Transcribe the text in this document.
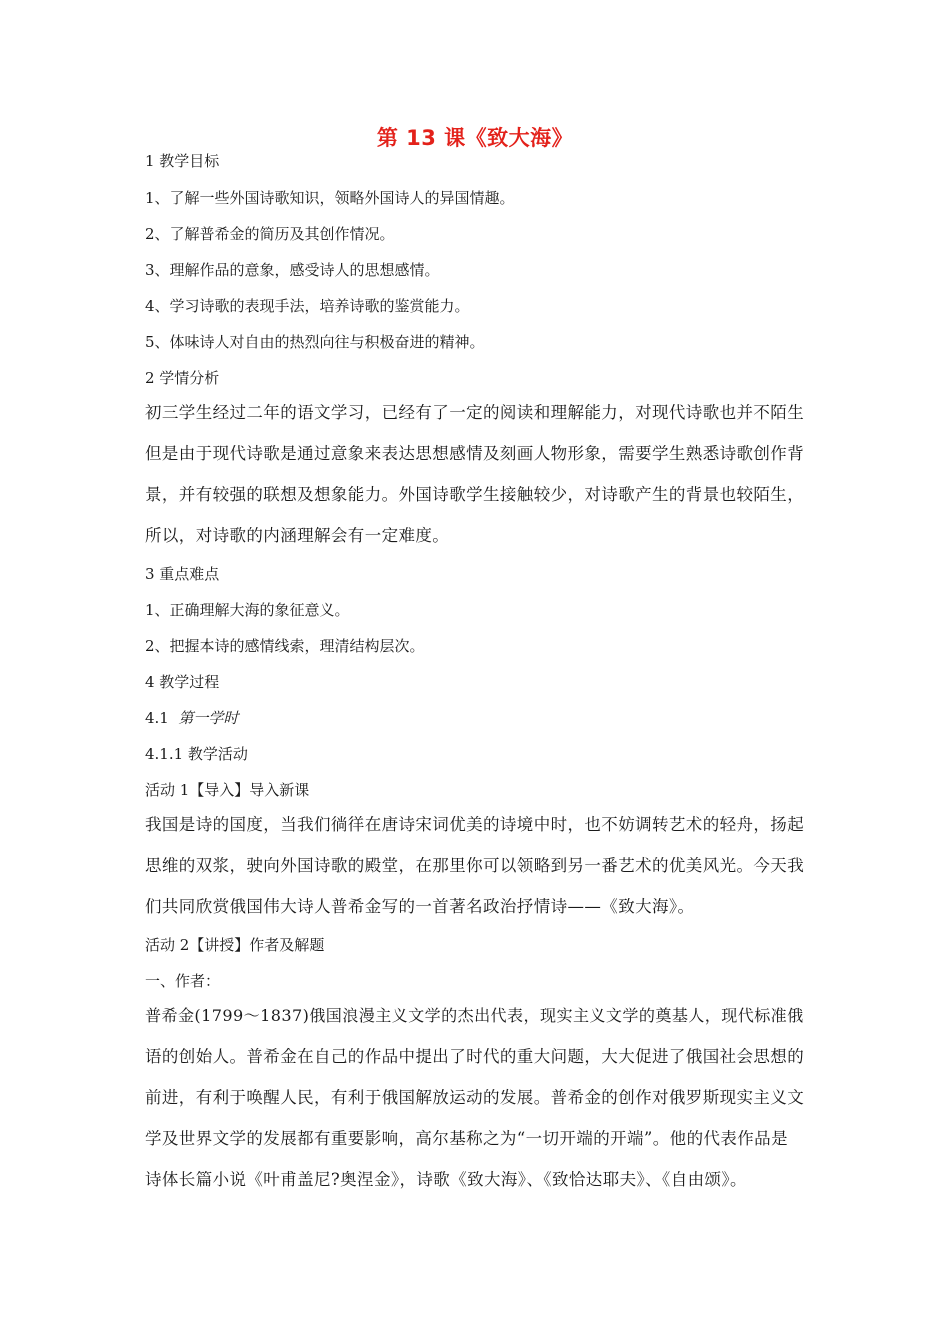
第 13 课《致大海》
1 教学目标
1、了解一些外国诗歌知识，领略外国诗人的异国情趣。
2、了解普希金的简历及其创作情况。
3、理解作品的意象，感受诗人的思想感情。
4、学习诗歌的表现手法，培养诗歌的鉴赏能力。
5、体味诗人对自由的热烈向往与积极奋进的精神。
2 学情分析
初三学生经过二年的语文学习，已经有了一定的阅读和理解能力，对现代诗歌也并不陌生
但是由于现代诗歌是通过意象来表达思想感情及刻画人物形象，需要学生熟悉诗歌创作背
景，并有较强的联想及想象能力。外国诗歌学生接触较少，对诗歌产生的背景也较陌生，
所以，对诗歌的内涵理解会有一定难度。
3 重点难点
1、正确理解大海的象征意义。
2、把握本诗的感情线索，理清结构层次。
4 教学过程
4.1 第一学时
4.1.1 教学活动
活动 1【导入】导入新课
我国是诗的国度，当我们徜徉在唐诗宋词优美的诗境中时，也不妨调转艺术的轻舟，扬起
思维的双浆，驶向外国诗歌的殿堂，在那里你可以领略到另一番艺术的优美风光。今天我
们共同欣赏俄国伟大诗人普希金写的一首著名政治抒情诗——《致大海》。
活动 2【讲授】作者及解题
一、作者：
普希金(1799～1837)俄国浪漫主义文学的杰出代表，现实主义文学的奠基人，现代标准俄
语的创始人。普希金在自己的作品中提出了时代的重大问题，大大促进了俄国社会思想的
前进，有利于唤醒人民，有利于俄国解放运动的发展。普希金的创作对俄罗斯现实主义文
学及世界文学的发展都有重要影响，高尔基称之为“一切开端的开端”。他的代表作品是
诗体长篇小说《叶甫盖尼?奥涅金》，诗歌《致大海》、《致恰达耶夫》、《自由颂》。
